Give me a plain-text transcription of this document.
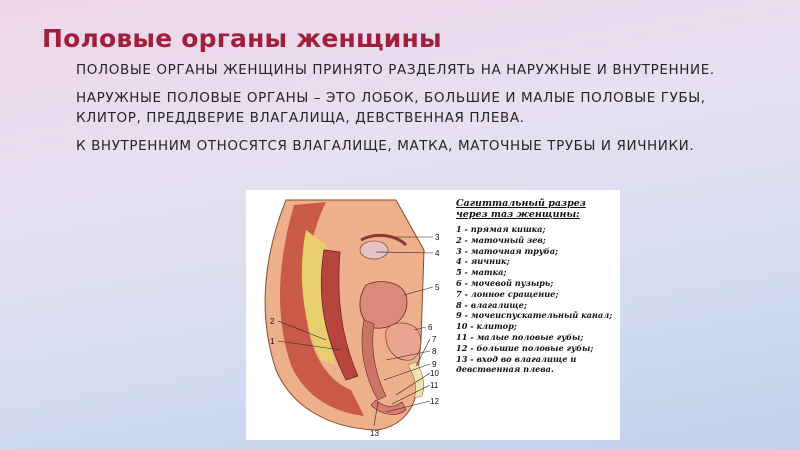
Половые органы женщины

ПОЛОВЫЕ ОРГАНЫ ЖЕНЩИНЫ ПРИНЯТО РАЗДЕЛЯТЬ НА НАРУЖНЫЕ И ВНУТРЕННИЕ.

НАРУЖНЫЕ ПОЛОВЫЕ ОРГАНЫ – ЭТО ЛОБОК, БОЛЬШИЕ И МАЛЫЕ ПОЛОВЫЕ ГУБЫ, КЛИТОР, ПРЕДДВЕРИЕ ВЛАГАЛИЩА, ДЕВСТВЕННАЯ ПЛЕВА.

К ВНУТРЕННИМ ОТНОСЯТСЯ ВЛАГАЛИЩЕ, МАТКА, МАТОЧНЫЕ ТРУБЫ И ЯИЧНИКИ.

1
2
3
4
5
6
7
8
9
10
11
12
13
Сагиттальный разрез через таз женщины:
1 - прямая кишка;
2 - маточный зев;
3 - маточная труба;
4 - яичник;
5 - матка;
6 - мочевой пузырь;
7 - лонное сращение;
8 - влагалище;
9 - мочеиспускательный канал;
10 - клитор;
11 - малые половые губы;
12 - большие половые губы;
13 - вход во влагалище и девственная плева.
